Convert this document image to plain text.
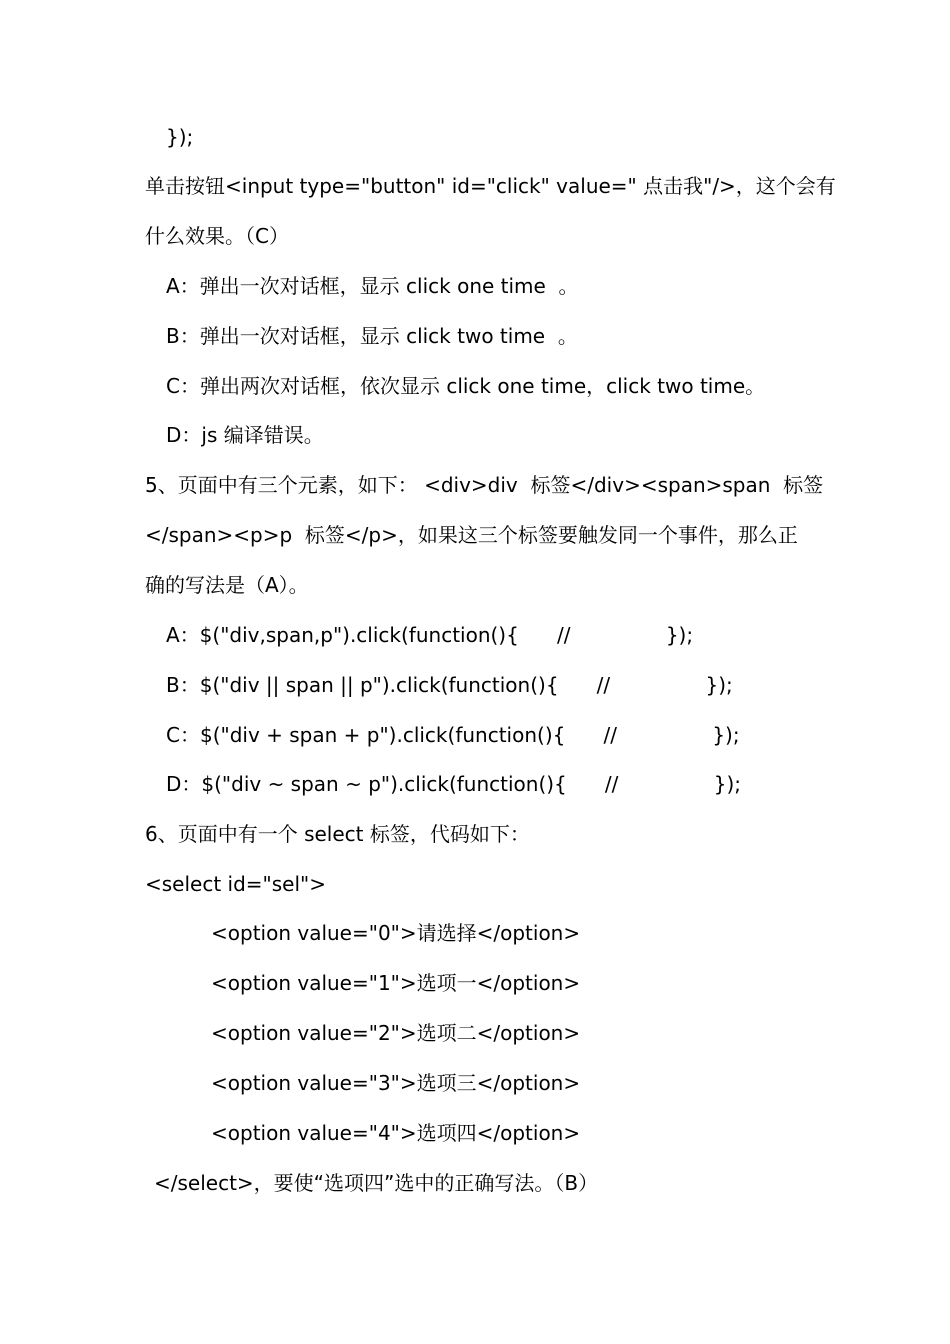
});
单击按钮<input type="button" id="click" value=" 点击我"/>，这个会有
什么效果。（C）
A：弹出一次对话框，显示 click one time  。
B：弹出一次对话框，显示 click two time  。
C：弹出两次对话框，依次显示 click one time，click two time。
D：js 编译错误。
5、页面中有三个元素，如下： <div>div  标签</div><span>span  标签
</span><p>p  标签</p>，如果这三个标签要触发同一个事件，那么正
确的写法是（A）。
A：$("div,span,p").click(function(){      //               });
B：$("div || span || p").click(function(){      //               });
C：$("div + span + p").click(function(){      //               });
D：$("div ~ span ~ p").click(function(){      //               });
6、页面中有一个 select 标签，代码如下：
<select id="sel">
<option value="0">请选择</option>
<option value="1">选项一</option>
<option value="2">选项二</option>
<option value="3">选项三</option>
<option value="4">选项四</option>
</select>，要使“选项四”选中的正确写法。（B）
